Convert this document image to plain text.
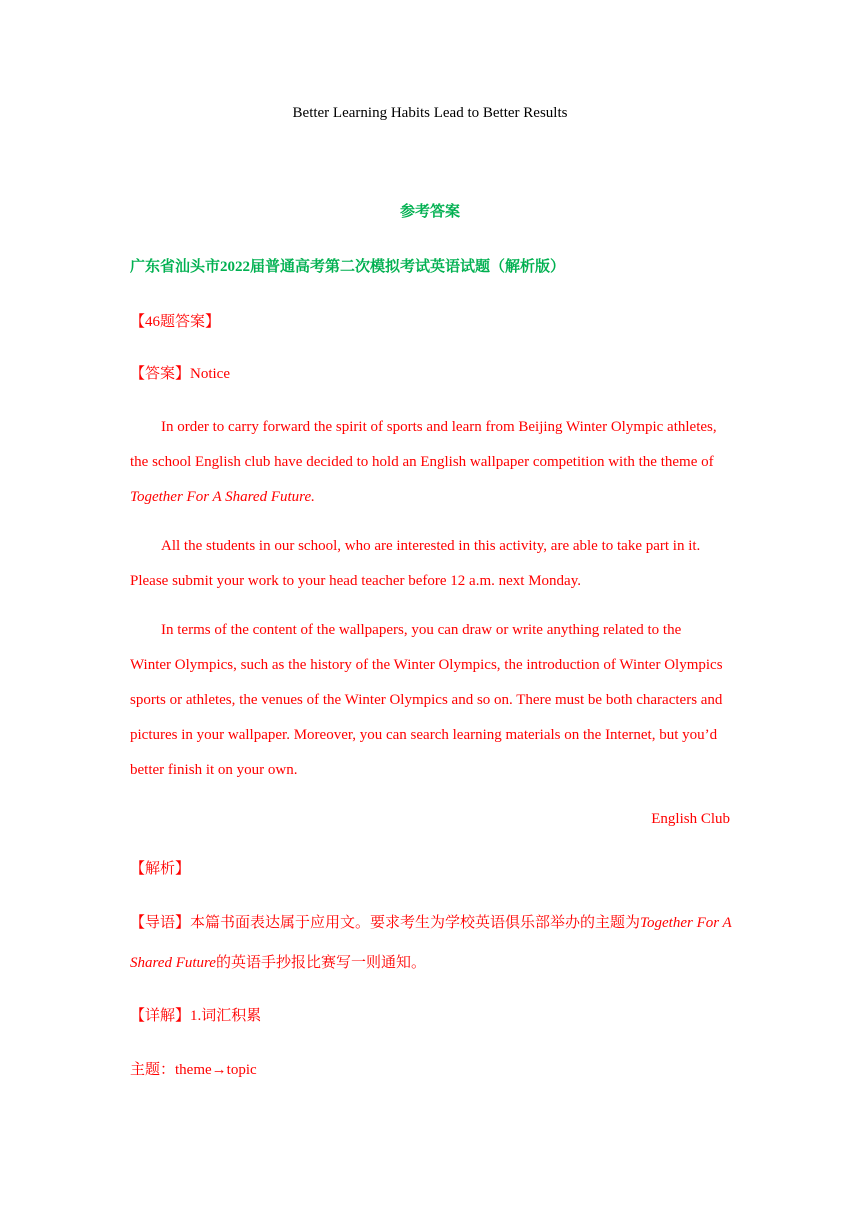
Better Learning Habits Lead to Better Results
参考答案
广东省汕头市2022届普通高考第二次模拟考试英语试题（解析版）
【46题答案】
【答案】Notice
In order to carry forward the spirit of sports and learn from Beijing Winter Olympic athletes,
the school English club have decided to hold an English wallpaper competition with the theme of
Together For A Shared Future.
All the students in our school, who are interested in this activity, are able to take part in it.
Please submit your work to your head teacher before 12 a.m. next Monday.
In terms of the content of the wallpapers, you can draw or write anything related to the
Winter Olympics, such as the history of the Winter Olympics, the introduction of Winter Olympics
sports or athletes, the venues of the Winter Olympics and so on. There must be both characters and
pictures in your wallpaper. Moreover, you can search learning materials on the Internet, but you’d
better finish it on your own.
English Club
【解析】
【导语】本篇书面表达属于应用文。要求考生为学校英语俱乐部举办的主题为Together For A
Shared Future的英语手抄报比赛写一则通知。
【详解】1.词汇积累
主题：theme→topic
